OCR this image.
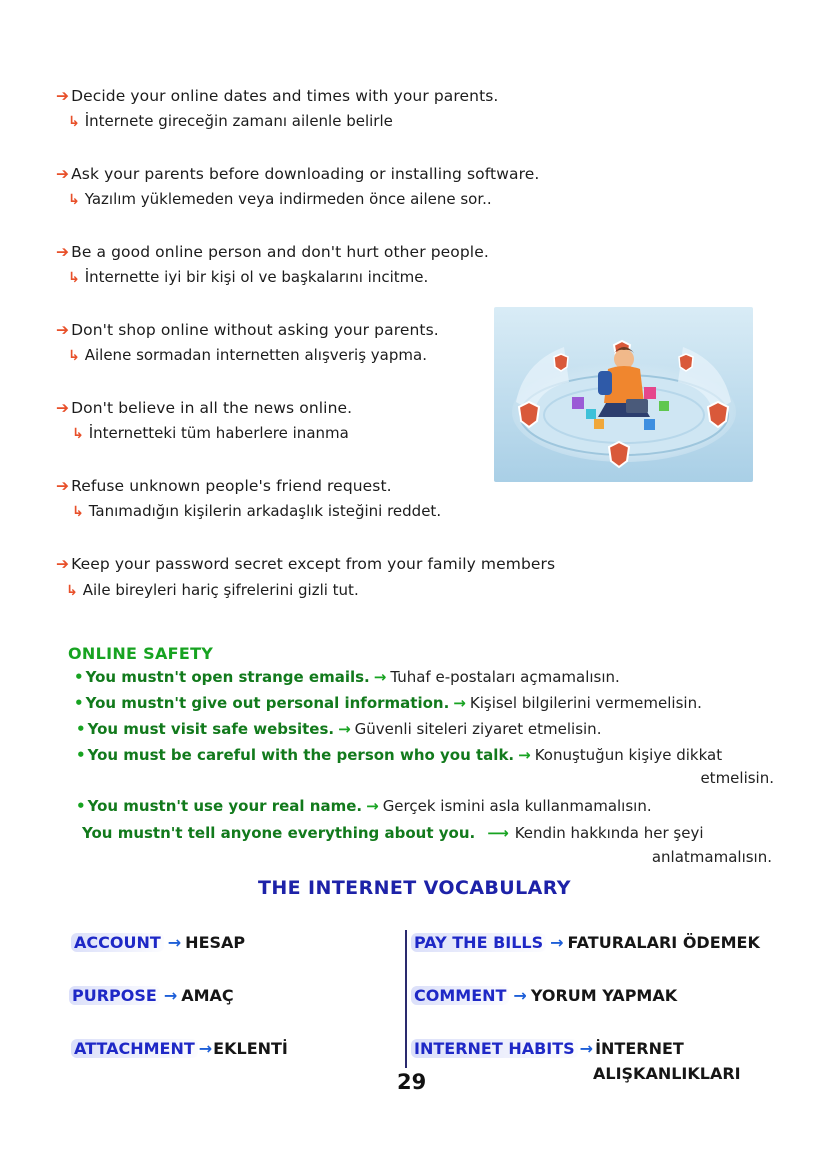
➔ Decide your online dates and times with your parents.
↳ İnternete gireceğin zamanı ailenle belirle
➔ Ask your parents before downloading or installing software.
↳ Yazılım yüklemeden veya indirmeden önce ailene sor..
➔ Be a good online person and don't hurt other people.
↳ İnternette iyi bir kişi ol ve başkalarını incitme.
➔ Don't shop online without asking your parents.
↳ Ailene sormadan internetten alışveriş yapma.
➔ Don't believe in all the news online.
↳ İnternetteki tüm haberlere inanma
➔ Refuse unknown people's friend request.
↳ Tanımadığın kişilerin arkadaşlık isteğini reddet.
➔ Keep your password secret except from your family members
↳ Aile bireyleri hariç şifrelerini gizli tut.
ONLINE SAFETY
• You mustn't open strange emails. → Tuhaf e-postaları açmamalısın.
• You mustn't give out personal information. → Kişisel bilgilerini vermemelisin.
• You must visit safe websites. → Güvenli siteleri ziyaret etmelisin.
• You must be careful with the person who you talk. → Konuştuğun kişiye dikkat
etmelisin.
• You mustn't use your real name. → Gerçek ismini asla kullanmamalısın.
You mustn't tell anyone everything about you. ⟶ Kendin hakkında her şeyi
anlatmamalısın.
THE INTERNET VOCABULARY
ACCOUNT → HESAP
PURPOSE → AMAÇ
ATTACHMENT →EKLENTİ
PAY THE BILLS → FATURALARI ÖDEMEK
COMMENT → YORUM YAPMAK
INTERNET HABITS → İNTERNET
ALIŞKANLIKLARI
29
